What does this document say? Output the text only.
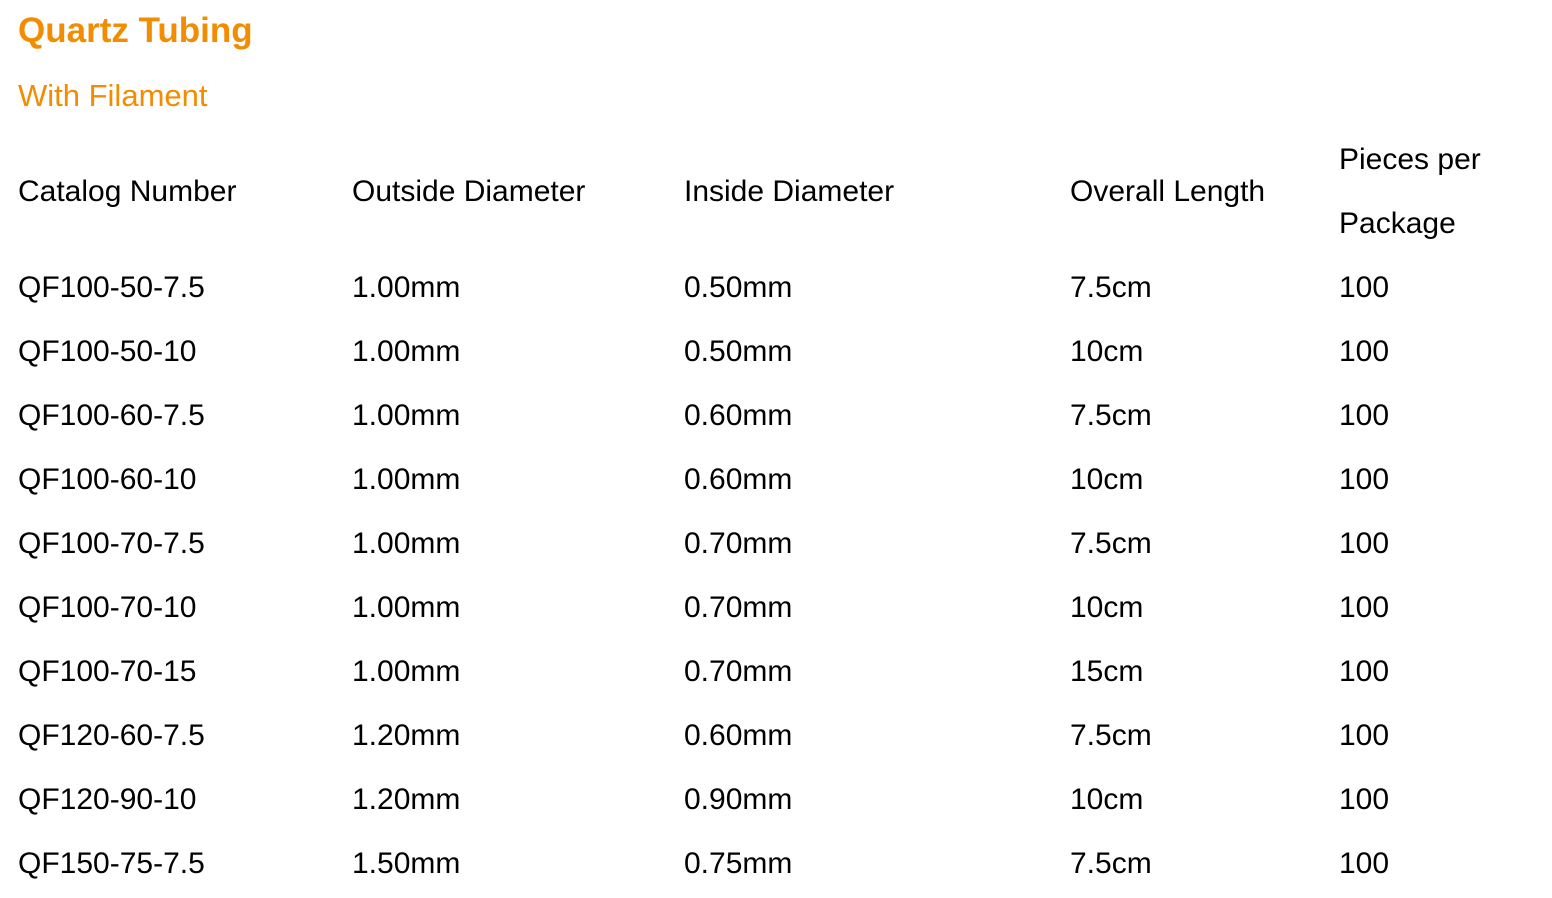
Quartz Tubing
With Filament
Catalog Number	Outside Diameter	Inside Diameter	Overall Length	Pieces per Package
QF100-50-7.5	1.00mm	0.50mm	7.5cm	100
QF100-50-10	1.00mm	0.50mm	10cm	100
QF100-60-7.5	1.00mm	0.60mm	7.5cm	100
QF100-60-10	1.00mm	0.60mm	10cm	100
QF100-70-7.5	1.00mm	0.70mm	7.5cm	100
QF100-70-10	1.00mm	0.70mm	10cm	100
QF100-70-15	1.00mm	0.70mm	15cm	100
QF120-60-7.5	1.20mm	0.60mm	7.5cm	100
QF120-90-10	1.20mm	0.90mm	10cm	100
QF150-75-7.5	1.50mm	0.75mm	7.5cm	100
